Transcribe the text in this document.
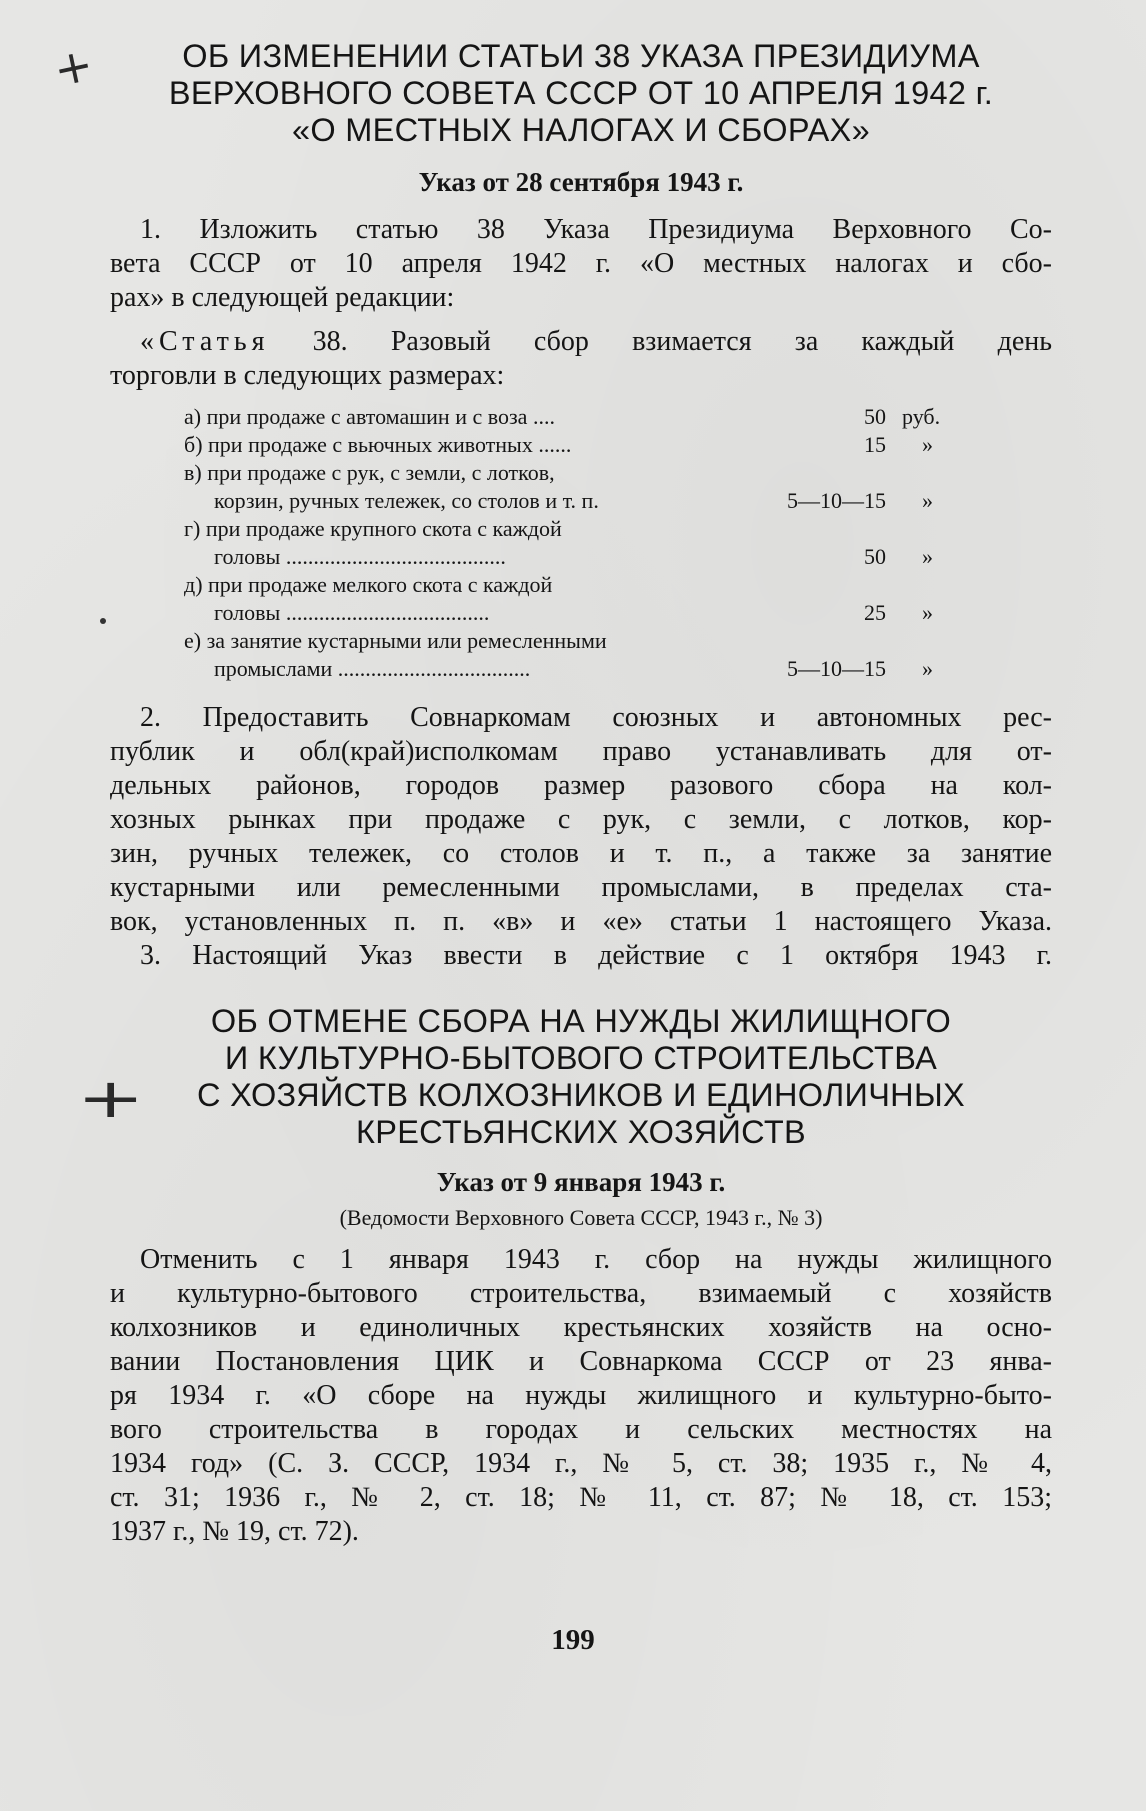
+
+
ОБ ИЗМЕНЕНИИ СТАТЬИ 38 УКАЗА ПРЕЗИДИУМА
ВЕРХОВНОГО СОВЕТА СССР ОТ 10 АПРЕЛЯ 1942 г.
«О МЕСТНЫХ НАЛОГАХ И СБОРАХ»

Указ от 28 сентября 1943 г.

1. Изложить статью 38 Указа Президиума Верховного Со-
вета СССР от 10 апреля 1942 г. «О местных налогах и сбо-
рах» в следующей редакции:

«Статья 38. Разовый сбор взимается за каждый день
торговли в следующих размерах:

а) при продаже с автомашин и с воза ....	50 руб.
б) при продаже с вьючных животных ......	15	»
в) при продаже с рук, с земли, с лотков,
корзин, ручных тележек, со столов и т. п.	5—10—15	»
г) при продаже крупного скота с каждой
головы ........................................	50	»
д) при продаже мелкого скота с каждой
головы .....................................	25	»
е) за занятие кустарными или ремесленными
промыслами ...................................	5—10—15	»

2. Предоставить Совнаркомам союзных и автономных рес-
публик и обл(край)исполкомам право устанавливать для от-
дельных районов, городов размер разового сбора на кол-
хозных рынках при продаже с рук, с земли, с лотков, кор-
зин, ручных тележек, со столов и т. п., а также за занятие
кустарными или ремесленными промыслами, в пределах ста-
вок, установленных п. п. «в» и «е» статьи 1 настоящего Указа.

3. Настоящий Указ ввести в действие с 1 октября 1943 г.

ОБ ОТМЕНЕ СБОРА НА НУЖДЫ ЖИЛИЩНОГО
И КУЛЬТУРНО-БЫТОВОГО СТРОИТЕЛЬСТВА
С ХОЗЯЙСТВ КОЛХОЗНИКОВ И ЕДИНОЛИЧНЫХ
КРЕСТЬЯНСКИХ ХОЗЯЙСТВ

Указ от 9 января 1943 г.

(Ведомости Верховного Совета СССР, 1943 г., № 3)

Отменить с 1 января 1943 г. сбор на нужды жилищного
и культурно-бытового строительства, взимаемый с хозяйств
колхозников и единоличных крестьянских хозяйств на осно-
вании Постановления ЦИК и Совнаркома СССР от 23 янва-
ря 1934 г. «О сборе на нужды жилищного и культурно-быто-
вого строительства в городах и сельских местностях на
1934 год» (С. З. СССР, 1934 г., № 5, ст. 38; 1935 г., № 4,
ст. 31; 1936 г., № 2, ст. 18; № 11, ст. 87; № 18, ст. 153;
1937 г., № 19, ст. 72).

199
